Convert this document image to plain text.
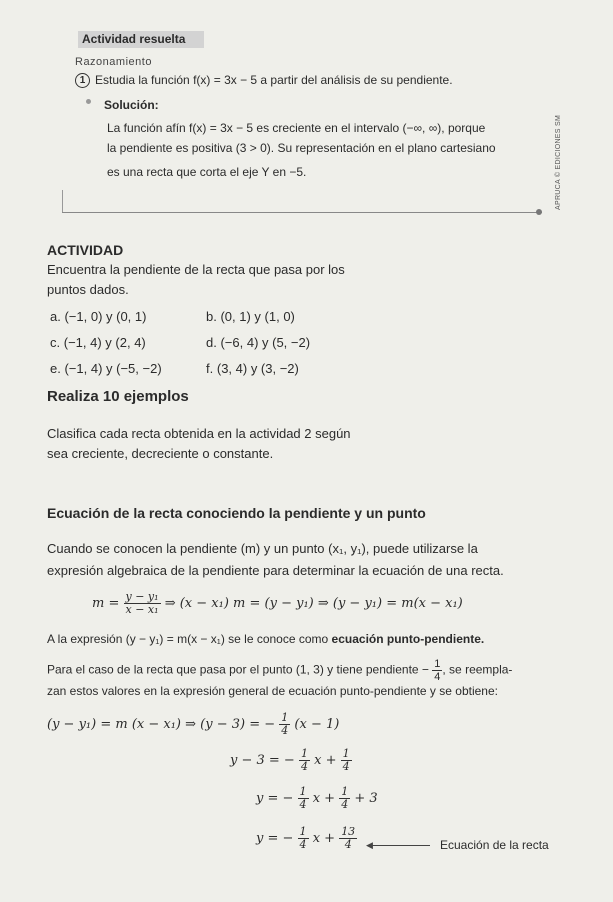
Actividad resuelta
Razonamiento
1 Estudia la función f(x) = 3x − 5 a partir del análisis de su pendiente.
Solución:
La función afín f(x) = 3x − 5 es creciente en el intervalo (−∞, ∞), porque
la pendiente es positiva (3 > 0). Su representación en el plano cartesiano
es una recta que corta el eje Y en −5.	APRUCA © EDICIONES SM
ACTIVIDAD
Encuentra la pendiente de la recta que pasa por los
puntos dados.
a. (−1, 0) y (0, 1)	b. (0, 1) y (1, 0)
c. (−1, 4) y (2, 4)	d. (−6, 4) y (5, −2)
e. (−1, 4) y (−5, −2)	f. (3, 4) y (3, −2)
Realiza 10 ejemplos
Clasifica cada recta obtenida en la actividad 2 según
sea creciente, decreciente o constante.
Ecuación de la recta conociendo la pendiente y un punto
Cuando se conocen la pendiente (m) y un punto (x₁, y₁), puede utilizarse la
expresión algebraica de la pendiente para determinar la ecuación de una recta.
$m = \frac{\text{y − y₁}}{\text{x − x₁}}$ ⇒ (x − x₁) m = (y − y₁) ⇒ (y − y₁) = m(x − x₁)
A la expresión (y − y₁) = m(x − x₁) se le conoce como ecuación punto-pendiente.
Para el caso de la recta que pasa por el punto (1, 3) y tiene pendiente − $\frac{1}{4}$ , se reempla-
zan estos valores en la expresión general de ecuación punto-pendiente y se obtiene:
(y − y₁) = m (x − x₁) ⇒ (y − 3) = − $\frac{1}{4} (x - 1)$
y − 3 = − $\frac{1}{4}$ $x + \frac{1}{4}$
y = − $\frac{1}{4}$ $x + \frac{1}{4} + 3$
y = − $\frac{1}{4}$ $x + \frac{13}{4}$ ◀	Ecuación de la recta
